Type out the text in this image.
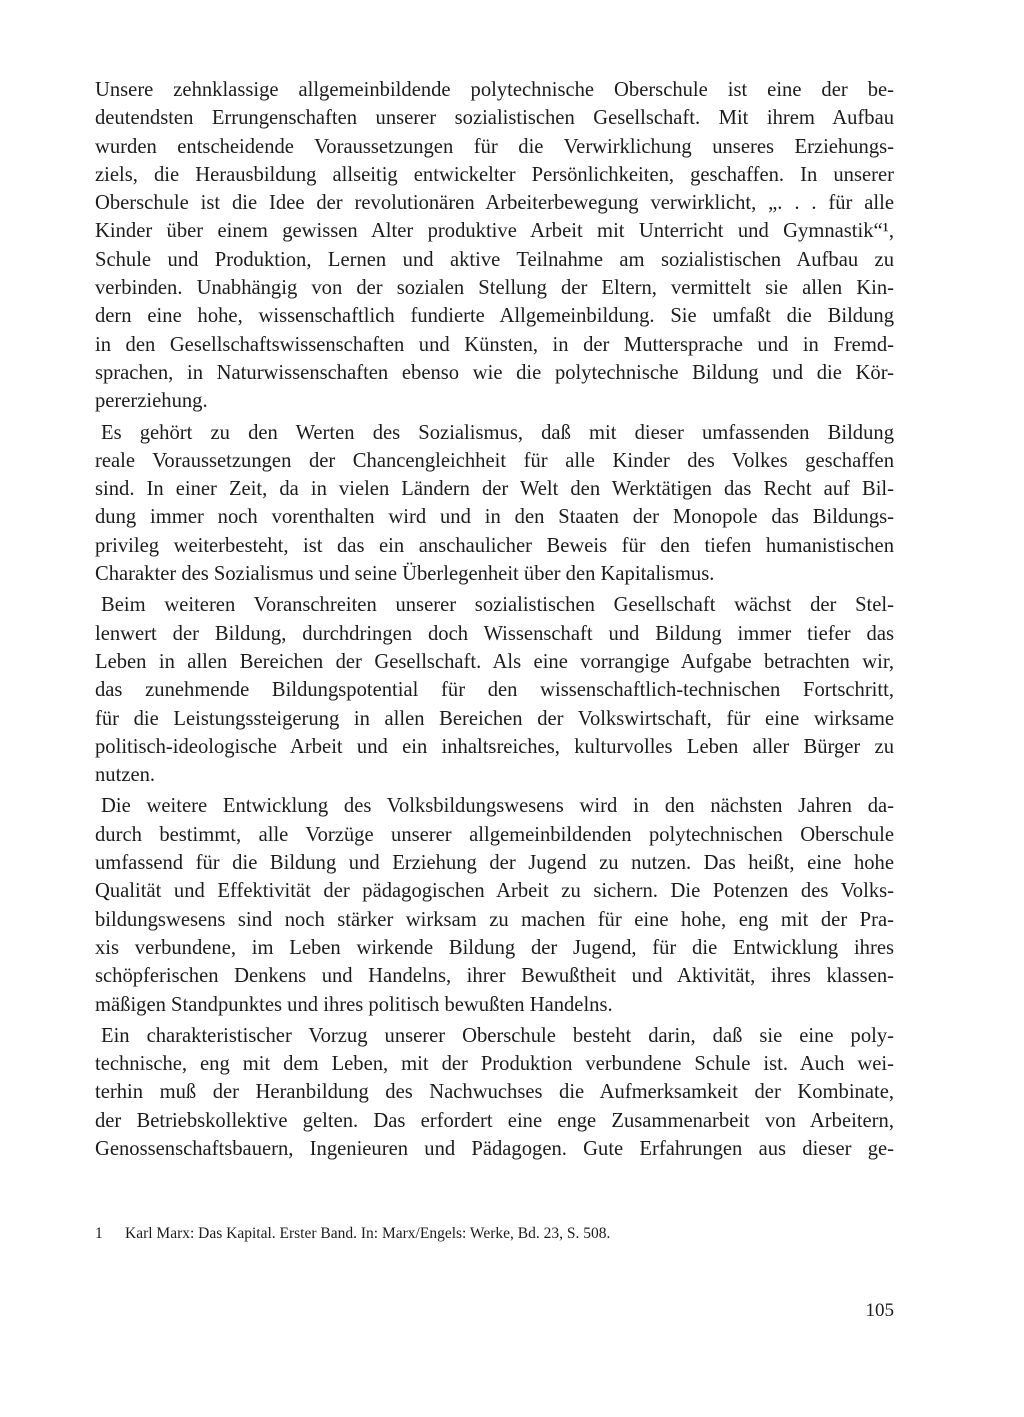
Unsere zehnklassige allgemeinbildende polytechnische Oberschule ist eine der be-
deutendsten Errungenschaften unserer sozialistischen Gesellschaft. Mit ihrem Aufbau
wurden entscheidende Voraussetzungen für die Verwirklichung unseres Erziehungs-
ziels, die Herausbildung allseitig entwickelter Persönlichkeiten, geschaffen. In unserer
Oberschule ist die Idee der revolutionären Arbeiterbewegung verwirklicht, „. . . für alle
Kinder über einem gewissen Alter produktive Arbeit mit Unterricht und Gymnastik“¹,
Schule und Produktion, Lernen und aktive Teilnahme am sozialistischen Aufbau zu
verbinden. Unabhängig von der sozialen Stellung der Eltern, vermittelt sie allen Kin-
dern eine hohe, wissenschaftlich fundierte Allgemeinbildung. Sie umfaßt die Bildung
in den Gesellschaftswissenschaften und Künsten, in der Muttersprache und in Fremd-
sprachen, in Naturwissenschaften ebenso wie die polytechnische Bildung und die Kör-
pererziehung.
Es gehört zu den Werten des Sozialismus, daß mit dieser umfassenden Bildung
reale Voraussetzungen der Chancengleichheit für alle Kinder des Volkes geschaffen
sind. In einer Zeit, da in vielen Ländern der Welt den Werktätigen das Recht auf Bil-
dung immer noch vorenthalten wird und in den Staaten der Monopole das Bildungs-
privileg weiterbesteht, ist das ein anschaulicher Beweis für den tiefen humanistischen
Charakter des Sozialismus und seine Überlegenheit über den Kapitalismus.
Beim weiteren Voranschreiten unserer sozialistischen Gesellschaft wächst der Stel-
lenwert der Bildung, durchdringen doch Wissenschaft und Bildung immer tiefer das
Leben in allen Bereichen der Gesellschaft. Als eine vorrangige Aufgabe betrachten wir,
das zunehmende Bildungspotential für den wissenschaftlich-technischen Fortschritt,
für die Leistungssteigerung in allen Bereichen der Volkswirtschaft, für eine wirksame
politisch-ideologische Arbeit und ein inhaltsreiches, kulturvolles Leben aller Bürger zu
nutzen.
Die weitere Entwicklung des Volksbildungswesens wird in den nächsten Jahren da-
durch bestimmt, alle Vorzüge unserer allgemeinbildenden polytechnischen Oberschule
umfassend für die Bildung und Erziehung der Jugend zu nutzen. Das heißt, eine hohe
Qualität und Effektivität der pädagogischen Arbeit zu sichern. Die Potenzen des Volks-
bildungswesens sind noch stärker wirksam zu machen für eine hohe, eng mit der Pra-
xis verbundene, im Leben wirkende Bildung der Jugend, für die Entwicklung ihres
schöpferischen Denkens und Handelns, ihrer Bewußtheit und Aktivität, ihres klassen-
mäßigen Standpunktes und ihres politisch bewußten Handelns.
Ein charakteristischer Vorzug unserer Oberschule besteht darin, daß sie eine poly-
technische, eng mit dem Leben, mit der Produktion verbundene Schule ist. Auch wei-
terhin muß der Heranbildung des Nachwuchses die Aufmerksamkeit der Kombinate,
der Betriebskollektive gelten. Das erfordert eine enge Zusammenarbeit von Arbeitern,
Genossenschaftsbauern, Ingenieuren und Pädagogen. Gute Erfahrungen aus dieser ge-
1 Karl Marx: Das Kapital. Erster Band. In: Marx/Engels: Werke, Bd. 23, S. 508.
105
